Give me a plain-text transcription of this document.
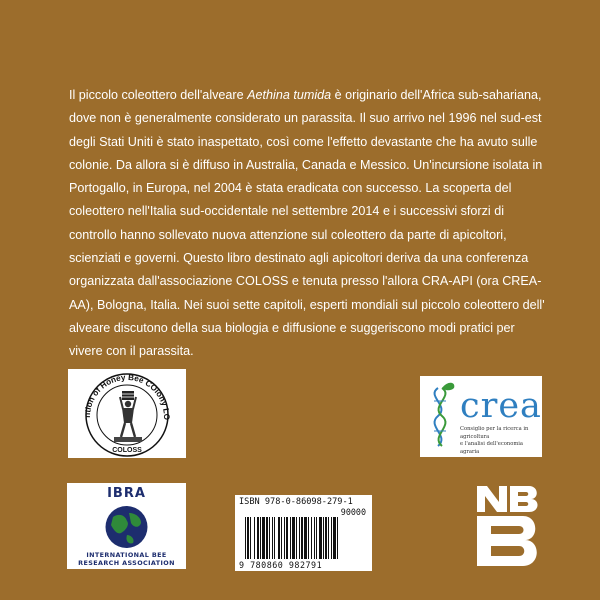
Il piccolo coleottero dell'alveare Aethina tumida è originario dell'Africa sub-sahariana, dove non è generalmente considerato un parassita. Il suo arrivo nel 1996 nel sud-est degli Stati Uniti è stato inaspettato, così come l'effetto devastante che ha avuto sulle colonie. Da allora si è diffuso in Australia, Canada e Messico. Un'incursione isolata in Portogallo, in Europa, nel 2004 è stata eradicata con successo. La scoperta del coleottero nell'Italia sud-occidentale nel settembre 2014 e i successivi sforzi di controllo hanno sollevato nuova attenzione sul coleottero da parte di apicoltori, scienziati e governi. Questo libro destinato agli apicoltori deriva da una conferenza organizzata dall'associazione COLOSS e tenuta presso l'allora CRA-API (ora CREA-AA), Bologna, Italia. Nei suoi sette capitoli, esperti mondiali sul piccolo coleottero dell' alveare discutono della sua biologia e diffusione e suggeriscono modi pratici per vivere con il parassita.

ntion of Honey Bee COlony LO
COLOSS
crea
Consiglio per la ricerca in agricoltura
e l'analisi dell'economia agraria
IBRA
INTERNATIONAL BEE
RESEARCH ASSOCIATION
ISBN 978-0-86098-279-1
90000
9 780860 982791
